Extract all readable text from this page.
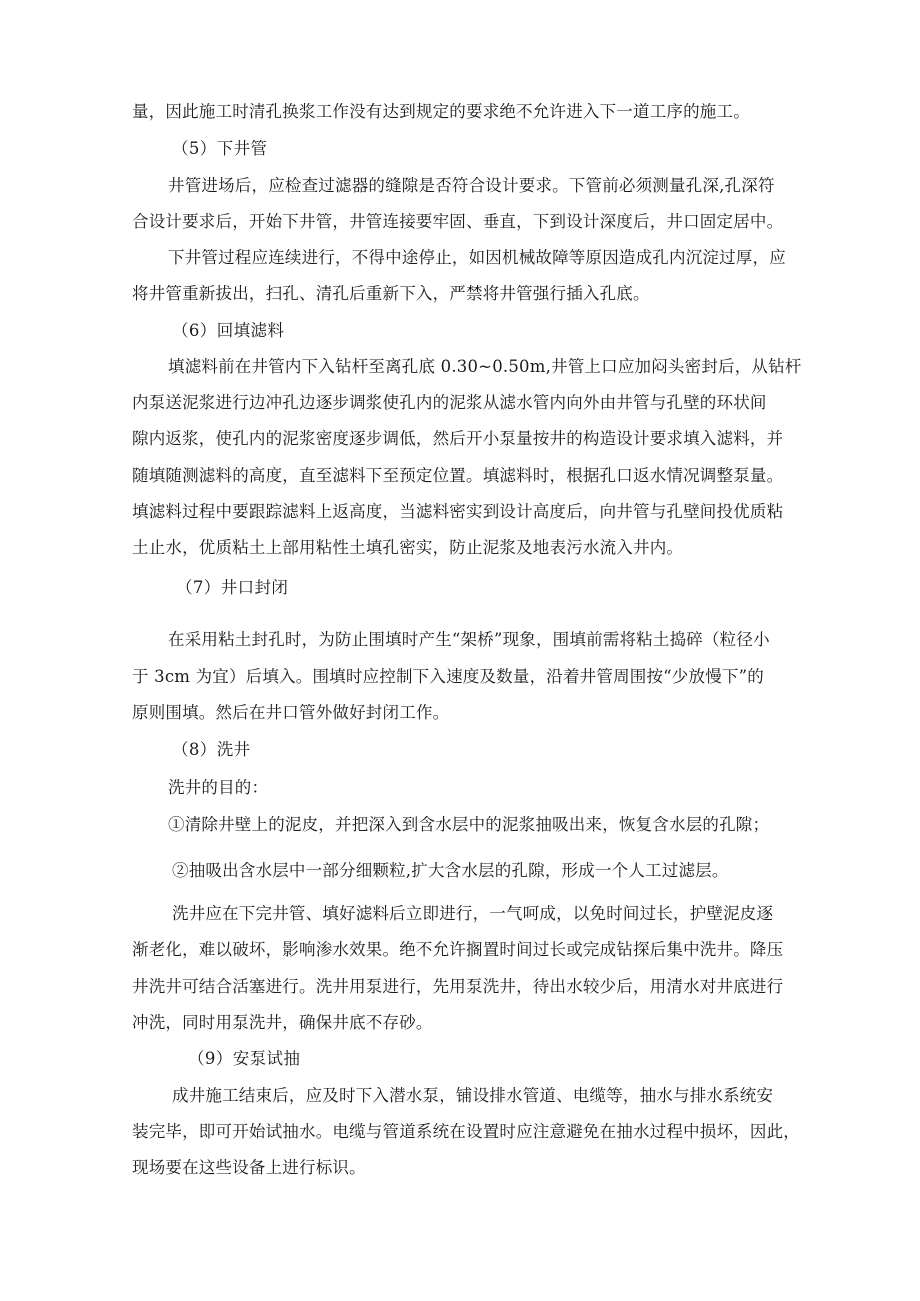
量，因此施工时清孔换浆工作没有达到规定的要求绝不允许进入下一道工序的施工。
（5）下井管
井管进场后，应检查过滤器的缝隙是否符合设计要求。下管前必须测量孔深,孔深符
合设计要求后，开始下井管，井管连接要牢固、垂直，下到设计深度后，井口固定居中。
下井管过程应连续进行，不得中途停止，如因机械故障等原因造成孔内沉淀过厚，应
将井管重新拔出，扫孔、清孔后重新下入，严禁将井管强行插入孔底。
（6）回填滤料
填滤料前在井管内下入钻杆至离孔底 0.30~0.50m,井管上口应加闷头密封后，从钻杆
内泵送泥浆进行边冲孔边逐步调浆使孔内的泥浆从滤水管内向外由井管与孔壁的环状间
隙内返浆，使孔内的泥浆密度逐步调低，然后开小泵量按井的构造设计要求填入滤料，并
随填随测滤料的高度，直至滤料下至预定位置。填滤料时，根据孔口返水情况调整泵量。
填滤料过程中要跟踪滤料上返高度，当滤料密实到设计高度后，向井管与孔壁间投优质粘
土止水，优质粘土上部用粘性土填孔密实，防止泥浆及地表污水流入井内。
（7）井口封闭
在采用粘土封孔时，为防止围填时产生“架桥”现象，围填前需将粘土捣碎（粒径小
于 3cm 为宜）后填入。围填时应控制下入速度及数量，沿着井管周围按“少放慢下”的
原则围填。然后在井口管外做好封闭工作。
（8）洗井
洗井的目的：
①清除井壁上的泥皮，并把深入到含水层中的泥浆抽吸出来，恢复含水层的孔隙；
②抽吸出含水层中一部分细颗粒,扩大含水层的孔隙，形成一个人工过滤层。
洗井应在下完井管、填好滤料后立即进行，一气呵成，以免时间过长，护壁泥皮逐
渐老化，难以破坏，影响渗水效果。绝不允许搁置时间过长或完成钻探后集中洗井。降压
井洗井可结合活塞进行。洗井用泵进行，先用泵洗井，待出水较少后，用清水对井底进行
冲洗，同时用泵洗井，确保井底不存砂。
（9）安泵试抽
成井施工结束后，应及时下入潜水泵，铺设排水管道、电缆等，抽水与排水系统安
装完毕，即可开始试抽水。电缆与管道系统在设置时应注意避免在抽水过程中损坏，因此，
现场要在这些设备上进行标识。
